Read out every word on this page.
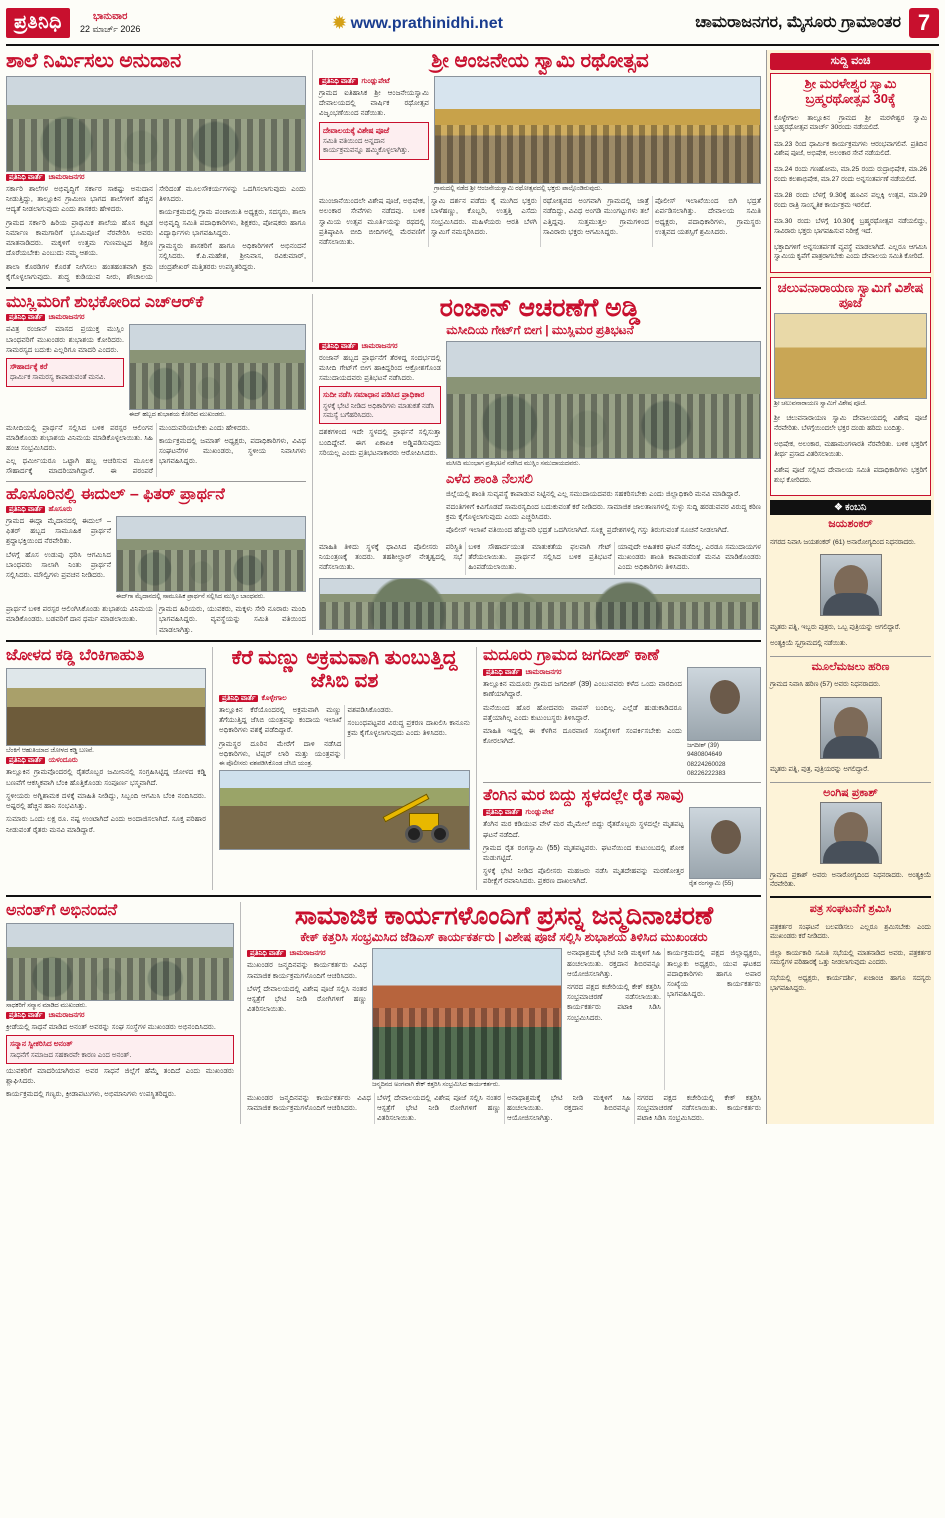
ಪ್ರತಿನಿಧಿ	ಭಾನುವಾರ
22 ಮಾರ್ಚ್ 2026	✹ www.prathinidhi.net	ಚಾಮರಾಜನಗರ, ಮೈಸೂರು ಗ್ರಾಮಾಂತರ 7
ಶಾಲೆ ನಿರ್ಮಿಸಲು ಅನುದಾನ
ಪ್ರತಿನಿಧಿ ವಾರ್ತೆ ಚಾಮರಾಜನಗರ

ಸರ್ಕಾರಿ ಶಾಲೆಗಳ ಅಭಿವೃದ್ಧಿಗೆ ಸರ್ಕಾರ ಸಾಕಷ್ಟು ಅನುದಾನ ನೀಡುತ್ತಿದ್ದು, ತಾಲ್ಲೂಕಿನ ಗ್ರಾಮೀಣ ಭಾಗದ ಶಾಲೆಗಳಿಗೆ ಹೆಚ್ಚಿನ ಆದ್ಯತೆ ನೀಡಲಾಗುವುದು ಎಂದು ಶಾಸಕರು ಹೇಳಿದರು.

ಗ್ರಾಮದ ಸರ್ಕಾರಿ ಹಿರಿಯ ಪ್ರಾಥಮಿಕ ಶಾಲೆಯ ಹೊಸ ಕಟ್ಟಡ ನಿರ್ಮಾಣ ಕಾಮಗಾರಿಗೆ ಭೂಮಿಪೂಜೆ ನೆರವೇರಿಸಿ ಅವರು ಮಾತನಾಡಿದರು. ಮಕ್ಕಳಿಗೆ ಉತ್ತಮ ಗುಣಮಟ್ಟದ ಶಿಕ್ಷಣ ದೊರೆಯಬೇಕು ಎಂಬುದು ನಮ್ಮ ಆಶಯ.

ಶಾಲಾ ಕೊಠಡಿಗಳ ಕೊರತೆ ನೀಗಿಸಲು ಹಂತಹಂತವಾಗಿ ಕ್ರಮ ಕೈಗೊಳ್ಳಲಾಗುವುದು. ಶುದ್ಧ ಕುಡಿಯುವ ನೀರು, ಶೌಚಾಲಯ ಸೇರಿದಂತೆ ಮೂಲಸೌಕರ್ಯಗಳನ್ನು ಒದಗಿಸಲಾಗುವುದು ಎಂದು ತಿಳಿಸಿದರು.

ಕಾರ್ಯಕ್ರಮದಲ್ಲಿ ಗ್ರಾಮ ಪಂಚಾಯಿತಿ ಅಧ್ಯಕ್ಷರು, ಸದಸ್ಯರು, ಶಾಲಾ ಅಭಿವೃದ್ಧಿ ಸಮಿತಿ ಪದಾಧಿಕಾರಿಗಳು, ಶಿಕ್ಷಕರು, ಪೋಷಕರು ಹಾಗೂ ವಿದ್ಯಾರ್ಥಿಗಳು ಭಾಗವಹಿಸಿದ್ದರು.

ಗ್ರಾಮಸ್ಥರು ಶಾಸಕರಿಗೆ ಹಾಗೂ ಅಧಿಕಾರಿಗಳಿಗೆ ಅಭಿನಂದನೆ ಸಲ್ಲಿಸಿದರು. ಕೆ.ಪಿ.ಮಹೇಶ, ಶ್ರೀನಿವಾಸ, ರವಿಕುಮಾರ್, ಚಂದ್ರಶೇಖರ್ ಮತ್ತಿತರರು ಉಪಸ್ಥಿತರಿದ್ದರು.

ಶ್ರೀ ಆಂಜನೇಯ ಸ್ವಾಮಿ ರಥೋತ್ಸವ
ಪ್ರತಿನಿಧಿ ವಾರ್ತೆ ಗುಂಡ್ಲುಪೇಟೆ

ಗ್ರಾಮದ ಐತಿಹಾಸಿಕ ಶ್ರೀ ಆಂಜನೇಯಸ್ವಾಮಿ ದೇವಾಲಯದಲ್ಲಿ ವಾರ್ಷಿಕ ರಥೋತ್ಸವ ವಿಜೃಂಭಣೆಯಿಂದ ನಡೆಯಿತು.

ದೇವಾಲಯಕ್ಕೆ ವಿಶೇಷ ಪೂಜೆ
ಸಮಿತಿ ವತಿಯಿಂದ ಅನ್ನದಾನ ಕಾರ್ಯಕ್ರಮವನ್ನೂ ಹಮ್ಮಿಕೊಳ್ಳಲಾಗಿತ್ತು.
ಗ್ರಾಮದಲ್ಲಿ ನಡೆದ ಶ್ರೀ ಆಂಜನೇಯಸ್ವಾಮಿ ರಥೋತ್ಸವದಲ್ಲಿ ಭಕ್ತರು ಪಾಲ್ಗೊಂಡಿರುವುದು.

ಮುಂಜಾನೆಯಿಂದಲೇ ವಿಶೇಷ ಪೂಜೆ, ಅಭಿಷೇಕ, ಅಲಂಕಾರ ಸೇವೆಗಳು ನಡೆದವು. ಬಳಿಕ ಸ್ವಾಮಿಯ ಉತ್ಸವ ಮೂರ್ತಿಯನ್ನು ರಥದಲ್ಲಿ ಪ್ರತಿಷ್ಠಾಪಿಸಿ ಬೀದಿ ಬೀದಿಗಳಲ್ಲಿ ಮೆರವಣಿಗೆ ನಡೆಸಲಾಯಿತು.

ಸ್ವಾಮಿ ದರ್ಶನ ಪಡೆದು ಕೈ ಮುಗಿದ ಭಕ್ತರು ಬಾಳೆಹಣ್ಣು, ಕೊಬ್ಬರಿ, ಉತ್ತತ್ತಿ ಎಸೆದು ಸಂಭ್ರಮಿಸಿದರು. ಮಹಿಳೆಯರು ಆರತಿ ಬೆಳಗಿ ಸ್ವಾಮಿಗೆ ನಮಸ್ಕರಿಸಿದರು.

ರಥೋತ್ಸವದ ಅಂಗವಾಗಿ ಗ್ರಾಮದಲ್ಲಿ ಜಾತ್ರೆ ನಡೆದಿದ್ದು, ವಿವಿಧ ಅಂಗಡಿ ಮುಂಗಟ್ಟುಗಳು ತಲೆ ಎತ್ತಿದ್ದವು. ಸುತ್ತಮುತ್ತಲ ಗ್ರಾಮಗಳಿಂದ ಸಾವಿರಾರು ಭಕ್ತರು ಆಗಮಿಸಿದ್ದರು.

ಪೊಲೀಸ್ ಇಲಾಖೆಯಿಂದ ಬಿಗಿ ಭದ್ರತೆ ಏರ್ಪಡಿಸಲಾಗಿತ್ತು. ದೇವಾಲಯ ಸಮಿತಿ ಅಧ್ಯಕ್ಷರು, ಪದಾಧಿಕಾರಿಗಳು, ಗ್ರಾಮಸ್ಥರು ಉತ್ಸವದ ಯಶಸ್ಸಿಗೆ ಶ್ರಮಿಸಿದರು.

ಮುಸ್ಲಿಮರಿಗೆ ಶುಭಕೋರಿದ ಎಚ್‌ಆರ್‌ಕೆ
ಪ್ರತಿನಿಧಿ ವಾರ್ತೆ ಚಾಮರಾಜನಗರ

ಪವಿತ್ರ ರಂಜಾನ್ ಮಾಸದ ಪ್ರಯುಕ್ತ ಮುಸ್ಲಿಂ ಬಾಂಧವರಿಗೆ ಮುಖಂಡರು ಶುಭಾಶಯ ಕೋರಿದರು. ಸಾಮರಸ್ಯದ ಬದುಕು ಎಲ್ಲರಿಗೂ ಮಾದರಿ ಎಂದರು.

ಸೌಹಾರ್ದಕ್ಕೆ ಕರೆ
ಧಾರ್ಮಿಕ ಸಾಮರಸ್ಯ ಕಾಪಾಡುವಂತೆ ಮನವಿ.
ಈದ್ ಹಬ್ಬದ ಶುಭಾಶಯ ಕೋರಿದ ಮುಖಂಡರು.

ಮಸೀದಿಯಲ್ಲಿ ಪ್ರಾರ್ಥನೆ ಸಲ್ಲಿಸಿದ ಬಳಿಕ ಪರಸ್ಪರ ಆಲಿಂಗನ ಮಾಡಿಕೊಂಡು ಶುಭಾಶಯ ವಿನಿಮಯ ಮಾಡಿಕೊಳ್ಳಲಾಯಿತು. ಸಿಹಿ ಹಂಚಿ ಸಂಭ್ರಮಿಸಿದರು.

ಎಲ್ಲ ಧರ್ಮೀಯರೂ ಒಟ್ಟಾಗಿ ಹಬ್ಬ ಆಚರಿಸುವ ಮೂಲಕ ಸೌಹಾರ್ದಕ್ಕೆ ಮಾದರಿಯಾಗಿದ್ದಾರೆ. ಈ ಪರಂಪರೆ ಮುಂದುವರಿಯಬೇಕು ಎಂದು ಹೇಳಿದರು.

ಕಾರ್ಯಕ್ರಮದಲ್ಲಿ ಜಮಾತ್ ಅಧ್ಯಕ್ಷರು, ಪದಾಧಿಕಾರಿಗಳು, ವಿವಿಧ ಸಂಘಟನೆಗಳ ಮುಖಂಡರು, ಸ್ಥಳೀಯ ನಿವಾಸಿಗಳು ಭಾಗವಹಿಸಿದ್ದರು.

ಹೊಸೂರಿನಲ್ಲಿ ಈದುಲ್ – ಫಿತರ್ ಪ್ರಾರ್ಥನೆ
ಪ್ರತಿನಿಧಿ ವಾರ್ತೆ ಹೊಸೂರು

ಗ್ರಾಮದ ಈದ್ಗಾ ಮೈದಾನದಲ್ಲಿ ಈದುಲ್ – ಫಿತರ್ ಹಬ್ಬದ ಸಾಮೂಹಿಕ ಪ್ರಾರ್ಥನೆ ಶ್ರದ್ಧಾಭಕ್ತಿಯಿಂದ ನೆರವೇರಿತು.

ಬೆಳಗ್ಗೆ ಹೊಸ ಉಡುಪು ಧರಿಸಿ ಆಗಮಿಸಿದ ಬಾಂಧವರು ಸಾಲಾಗಿ ನಿಂತು ಪ್ರಾರ್ಥನೆ ಸಲ್ಲಿಸಿದರು. ಮೌಲ್ವಿಗಳು ಪ್ರವಚನ ನೀಡಿದರು.

ಈದ್‌ಗಾ ಮೈದಾನದಲ್ಲಿ ಸಾಮೂಹಿಕ ಪ್ರಾರ್ಥನೆ ಸಲ್ಲಿಸಿದ ಮುಸ್ಲಿಂ ಬಾಂಧವರು.

ಪ್ರಾರ್ಥನೆ ಬಳಿಕ ಪರಸ್ಪರ ಆಲಿಂಗಿಸಿಕೊಂಡು ಶುಭಾಶಯ ವಿನಿಮಯ ಮಾಡಿಕೊಂಡರು. ಬಡವರಿಗೆ ದಾನ ಧರ್ಮ ಮಾಡಲಾಯಿತು.

ಗ್ರಾಮದ ಹಿರಿಯರು, ಯುವಕರು, ಮಕ್ಕಳು ಸೇರಿ ನೂರಾರು ಮಂದಿ ಭಾಗವಹಿಸಿದ್ದರು. ವ್ಯವಸ್ಥೆಯನ್ನು ಸಮಿತಿ ವತಿಯಿಂದ ಮಾಡಲಾಗಿತ್ತು.

ರಂಜಾನ್ ಆಚರಣೆಗೆ ಅಡ್ಡಿ
ಮಸೀದಿಯ ಗೇಟ್‌ಗೆ ಬೀಗ | ಮುಸ್ಲಿಮರ ಪ್ರತಿಭಟನೆ
ಪ್ರತಿನಿಧಿ ವಾರ್ತೆ ಚಾಮರಾಜನಗರ

ರಂಜಾನ್ ಹಬ್ಬದ ಪ್ರಾರ್ಥನೆಗೆ ತೆರಳಿದ್ದ ಸಂದರ್ಭದಲ್ಲಿ ಮಸೀದಿ ಗೇಟ್‌ಗೆ ಬೀಗ ಹಾಕಿದ್ದರಿಂದ ಆಕ್ರೋಶಗೊಂಡ ಸಮುದಾಯದವರು ಪ್ರತಿಭಟನೆ ನಡೆಸಿದರು.

ಸುದೀ ನಡೆಸಿ ಸಮಾಧಾನ ಪಡಿಸಿದ ಪ್ರಾಧಿಕಾರ
ಸ್ಥಳಕ್ಕೆ ಭೇಟಿ ನೀಡಿದ ಅಧಿಕಾರಿಗಳು ಮಾತುಕತೆ ನಡೆಸಿ ಸಮಸ್ಯೆ ಬಗೆಹರಿಸಿದರು.

ದಶಕಗಳಿಂದ ಇದೇ ಸ್ಥಳದಲ್ಲಿ ಪ್ರಾರ್ಥನೆ ಸಲ್ಲಿಸುತ್ತಾ ಬಂದಿದ್ದೇವೆ. ಈಗ ಏಕಾಏಕಿ ಅಡ್ಡಿಪಡಿಸುವುದು ಸರಿಯಲ್ಲ ಎಂದು ಪ್ರತಿಭಟನಾಕಾರರು ಆರೋಪಿಸಿದರು.

ಮಸೀದಿ ಮುಂಭಾಗ ಪ್ರತಿಭಟನೆ ನಡೆಸಿದ ಮುಸ್ಲಿಂ ಸಮುದಾಯದವರು.
ಎಳೆದ ಶಾಂತಿ ನೆಲಸಲಿ

ಜಿಲ್ಲೆಯಲ್ಲಿ ಶಾಂತಿ ಸುವ್ಯವಸ್ಥೆ ಕಾಪಾಡುವ ನಿಟ್ಟಿನಲ್ಲಿ ಎಲ್ಲ ಸಮುದಾಯದವರು ಸಹಕರಿಸಬೇಕು ಎಂದು ಜಿಲ್ಲಾಧಿಕಾರಿ ಮನವಿ ಮಾಡಿದ್ದಾರೆ.

ವದಂತಿಗಳಿಗೆ ಕಿವಿಗೊಡದೆ ಸಾಮರಸ್ಯದಿಂದ ಬದುಕುವಂತೆ ಕರೆ ನೀಡಿದರು. ಸಾಮಾಜಿಕ ಜಾಲತಾಣಗಳಲ್ಲಿ ಸುಳ್ಳು ಸುದ್ದಿ ಹರಡುವವರ ವಿರುದ್ಧ ಕಠಿಣ ಕ್ರಮ ಕೈಗೊಳ್ಳಲಾಗುವುದು ಎಂದು ಎಚ್ಚರಿಸಿದರು.

ಪೊಲೀಸ್ ಇಲಾಖೆ ವತಿಯಿಂದ ಹೆಚ್ಚುವರಿ ಭದ್ರತೆ ಒದಗಿಸಲಾಗಿದೆ. ಸೂಕ್ಷ್ಮ ಪ್ರದೇಶಗಳಲ್ಲಿ ಗಸ್ತು ತಿರುಗುವಂತೆ ಸೂಚನೆ ನೀಡಲಾಗಿದೆ.

ಮಾಹಿತಿ ತಿಳಿದು ಸ್ಥಳಕ್ಕೆ ಧಾವಿಸಿದ ಪೊಲೀಸರು ಪರಿಸ್ಥಿತಿ ನಿಯಂತ್ರಣಕ್ಕೆ ತಂದರು. ತಹಶೀಲ್ದಾರ್ ನೇತೃತ್ವದಲ್ಲಿ ಸಭೆ ನಡೆಸಲಾಯಿತು.

ಬಳಿಕ ಸೌಹಾರ್ದಯುತ ಮಾತುಕತೆಯ ಫಲವಾಗಿ ಗೇಟ್ ತೆರೆಯಲಾಯಿತು. ಪ್ರಾರ್ಥನೆ ಸಲ್ಲಿಸಿದ ಬಳಿಕ ಪ್ರತಿಭಟನೆ ಹಿಂಪಡೆಯಲಾಯಿತು.

ಯಾವುದೇ ಅಹಿತಕರ ಘಟನೆ ನಡೆದಿಲ್ಲ. ಎರಡೂ ಸಮುದಾಯಗಳ ಮುಖಂಡರು ಶಾಂತಿ ಕಾಪಾಡುವಂತೆ ಮನವಿ ಮಾಡಿಕೊಂಡರು ಎಂದು ಅಧಿಕಾರಿಗಳು ತಿಳಿಸಿದರು.

ಜೋಳದ ಕಡ್ಡಿ ಬೆಂಕಿಗಾಹುತಿ
ಬೆಂಕಿಗೆ ಆಹುತಿಯಾದ ಜೋಳದ ಕಡ್ಡಿ ಬಣವೆ.
ಪ್ರತಿನಿಧಿ ವಾರ್ತೆ ಯಳಂದೂರು

ತಾಲ್ಲೂಕಿನ ಗ್ರಾಮವೊಂದರಲ್ಲಿ ರೈತರೊಬ್ಬರ ಜಮೀನಿನಲ್ಲಿ ಸಂಗ್ರಹಿಸಿಟ್ಟಿದ್ದ ಜೋಳದ ಕಡ್ಡಿ ಬಣವೆಗೆ ಆಕಸ್ಮಿಕವಾಗಿ ಬೆಂಕಿ ಹೊತ್ತಿಕೊಂಡು ಸಂಪೂರ್ಣ ಭಸ್ಮವಾಗಿದೆ.

ಸ್ಥಳೀಯರು ಅಗ್ನಿಶಾಮಕ ದಳಕ್ಕೆ ಮಾಹಿತಿ ನೀಡಿದ್ದು, ಸಿಬ್ಬಂದಿ ಆಗಮಿಸಿ ಬೆಂಕಿ ನಂದಿಸಿದರು. ಅಷ್ಟರಲ್ಲಿ ಹೆಚ್ಚಿನ ಹಾನಿ ಸಂಭವಿಸಿತ್ತು.

ಸುಮಾರು ಒಂದು ಲಕ್ಷ ರೂ. ನಷ್ಟ ಉಂಟಾಗಿದೆ ಎಂದು ಅಂದಾಜಿಸಲಾಗಿದೆ. ಸೂಕ್ತ ಪರಿಹಾರ ನೀಡುವಂತೆ ರೈತರು ಮನವಿ ಮಾಡಿದ್ದಾರೆ.

ಕೆರೆ ಮಣ್ಣು ಅಕ್ರಮವಾಗಿ ತುಂಬುತ್ತಿದ್ದ ಜೆಸಿಬಿ ವಶ
ಪ್ರತಿನಿಧಿ ವಾರ್ತೆ ಕೊಳ್ಳೇಗಾಲ

ತಾಲ್ಲೂಕಿನ ಕೆರೆಯೊಂದರಲ್ಲಿ ಅಕ್ರಮವಾಗಿ ಮಣ್ಣು ತೆಗೆಯುತ್ತಿದ್ದ ಜೆಸಿಬಿ ಯಂತ್ರವನ್ನು ಕಂದಾಯ ಇಲಾಖೆ ಅಧಿಕಾರಿಗಳು ವಶಕ್ಕೆ ಪಡೆದಿದ್ದಾರೆ.

ಗ್ರಾಮಸ್ಥರ ದೂರಿನ ಮೇರೆಗೆ ದಾಳಿ ನಡೆಸಿದ ಅಧಿಕಾರಿಗಳು, ಟಿಪ್ಪರ್ ಲಾರಿ ಮತ್ತು ಯಂತ್ರವನ್ನು ವಶಪಡಿಸಿಕೊಂಡರು.

ಸಂಬಂಧಪಟ್ಟವರ ವಿರುದ್ಧ ಪ್ರಕರಣ ದಾಖಲಿಸಿ ಕಾನೂನು ಕ್ರಮ ಕೈಗೊಳ್ಳಲಾಗುವುದು ಎಂದು ತಿಳಿಸಿದರು.

ಈ ಪೊಲೀಸರು ವಶಪಡಿಸಿಕೊಂಡ ಜೆಸಿಬಿ ಯಂತ್ರ.
ಮದೂರು ಗ್ರಾಮದ ಜಗದೀಶ್ ಕಾಣೆ
ಪ್ರತಿನಿಧಿ ವಾರ್ತೆ ಚಾಮರಾಜನಗರ

ತಾಲ್ಲೂಕಿನ ಮದೂರು ಗ್ರಾಮದ ಜಗದೀಶ್ (39) ಎಂಬುವವರು ಕಳೆದ ಒಂದು ವಾರದಿಂದ ಕಾಣೆಯಾಗಿದ್ದಾರೆ.

ಮನೆಯಿಂದ ಹೊರ ಹೋದವರು ವಾಪಸ್ ಬಂದಿಲ್ಲ. ಎಲ್ಲೆಡೆ ಹುಡುಕಾಡಿದರೂ ಪತ್ತೆಯಾಗಿಲ್ಲ ಎಂದು ಕುಟುಂಬಸ್ಥರು ತಿಳಿಸಿದ್ದಾರೆ.

ಮಾಹಿತಿ ಇದ್ದಲ್ಲಿ ಈ ಕೆಳಗಿನ ದೂರವಾಣಿ ಸಂಖ್ಯೆಗಳಿಗೆ ಸಂಪರ್ಕಿಸಬೇಕು ಎಂದು ಕೋರಲಾಗಿದೆ.

ಜಗದೀಶ್ (39)
9480804649
08224260028
08226222383
ತೆಂಗಿನ ಮರ ಬಿದ್ದು ಸ್ಥಳದಲ್ಲೇ ರೈತ ಸಾವು
ಪ್ರತಿನಿಧಿ ವಾರ್ತೆ ಗುಂಡ್ಲುಪೇಟೆ

ತೆಂಗಿನ ಮರ ಕಡಿಯುವ ವೇಳೆ ಮರ ಮೈಮೇಲೆ ಬಿದ್ದು ರೈತರೊಬ್ಬರು ಸ್ಥಳದಲ್ಲೇ ಮೃತಪಟ್ಟ ಘಟನೆ ನಡೆದಿದೆ.

ಗ್ರಾಮದ ರೈತ ರಂಗಸ್ವಾಮಿ (55) ಮೃತಪಟ್ಟವರು. ಘಟನೆಯಿಂದ ಕುಟುಂಬದಲ್ಲಿ ಶೋಕ ಮಡುಗಟ್ಟಿದೆ.

ಸ್ಥಳಕ್ಕೆ ಭೇಟಿ ನೀಡಿದ ಪೊಲೀಸರು ಮಹಜರು ನಡೆಸಿ ಮೃತದೇಹವನ್ನು ಮರಣೋತ್ತರ ಪರೀಕ್ಷೆಗೆ ರವಾನಿಸಿದರು. ಪ್ರಕರಣ ದಾಖಲಾಗಿದೆ.	ರೈತ ರಂಗಸ್ವಾಮಿ (55)
ಅನಂತ್‌ಗೆ ಅಭಿನಂದನೆ
ಸಾಧಕರಿಗೆ ಸನ್ಮಾನ ಮಾಡಿದ ಮುಖಂಡರು.
ಪ್ರತಿನಿಧಿ ವಾರ್ತೆ ಚಾಮರಾಜನಗರ

ಕ್ರೀಡೆಯಲ್ಲಿ ಸಾಧನೆ ಮಾಡಿದ ಅನಂತ್ ಅವರನ್ನು ಸಂಘ ಸಂಸ್ಥೆಗಳ ಮುಖಂಡರು ಅಭಿನಂದಿಸಿದರು.

ಸನ್ಮಾನ ಸ್ವೀಕರಿಸಿದ ಅನಂತ್
ಸಾಧನೆಗೆ ಸಮಾಜದ ಸಹಕಾರವೇ ಕಾರಣ ಎಂದ ಅನಂತ್.

ಯುವಕರಿಗೆ ಮಾದರಿಯಾಗಿರುವ ಅವರ ಸಾಧನೆ ಜಿಲ್ಲೆಗೆ ಹೆಮ್ಮೆ ತಂದಿದೆ ಎಂದು ಮುಖಂಡರು ಶ್ಲಾಘಿಸಿದರು.

ಕಾರ್ಯಕ್ರಮದಲ್ಲಿ ಗಣ್ಯರು, ಕ್ರೀಡಾಪಟುಗಳು, ಅಭಿಮಾನಿಗಳು ಉಪಸ್ಥಿತರಿದ್ದರು.

ಸಾಮಾಜಿಕ ಕಾರ್ಯಗಳೊಂದಿಗೆ ಪ್ರಸನ್ನ ಜನ್ಮದಿನಾಚರಣೆ
ಕೇಕ್ ಕತ್ತರಿಸಿ ಸಂಭ್ರಮಿಸಿದ ಜೆಡಿಎಸ್ ಕಾರ್ಯಕರ್ತರು | ವಿಶೇಷ ಪೂಜೆ ಸಲ್ಲಿಸಿ ಶುಭಾಶಯ ತಿಳಿಸಿದ ಮುಖಂಡರು
ಪ್ರತಿನಿಧಿ ವಾರ್ತೆ ಚಾಮರಾಜನಗರ

ಮುಖಂಡರ ಜನ್ಮದಿನವನ್ನು ಕಾರ್ಯಕರ್ತರು ವಿವಿಧ ಸಾಮಾಜಿಕ ಕಾರ್ಯಕ್ರಮಗಳೊಂದಿಗೆ ಆಚರಿಸಿದರು.

ಬೆಳಗ್ಗೆ ದೇವಾಲಯದಲ್ಲಿ ವಿಶೇಷ ಪೂಜೆ ಸಲ್ಲಿಸಿ ನಂತರ ಆಸ್ಪತ್ರೆಗೆ ಭೇಟಿ ನೀಡಿ ರೋಗಿಗಳಿಗೆ ಹಣ್ಣು ವಿತರಿಸಲಾಯಿತು.

ಜನ್ಮದಿನದ ಅಂಗವಾಗಿ ಕೇಕ್ ಕತ್ತರಿಸಿ ಸಂಭ್ರಮಿಸಿದ ಕಾರ್ಯಕರ್ತರು.

ಅನಾಥಾಶ್ರಮಕ್ಕೆ ಭೇಟಿ ನೀಡಿ ಮಕ್ಕಳಿಗೆ ಸಿಹಿ ಹಂಚಲಾಯಿತು. ರಕ್ತದಾನ ಶಿಬಿರವನ್ನೂ ಆಯೋಜಿಸಲಾಗಿತ್ತು.

ನಗರದ ಪಕ್ಷದ ಕಚೇರಿಯಲ್ಲಿ ಕೇಕ್ ಕತ್ತರಿಸಿ ಸಂಭ್ರಮಾಚರಣೆ ನಡೆಸಲಾಯಿತು. ಕಾರ್ಯಕರ್ತರು ಪಟಾಕಿ ಸಿಡಿಸಿ ಸಂಭ್ರಮಿಸಿದರು.

ಕಾರ್ಯಕ್ರಮದಲ್ಲಿ ಪಕ್ಷದ ಜಿಲ್ಲಾಧ್ಯಕ್ಷರು, ತಾಲ್ಲೂಕು ಅಧ್ಯಕ್ಷರು, ಯುವ ಘಟಕದ ಪದಾಧಿಕಾರಿಗಳು ಹಾಗೂ ಅಪಾರ ಸಂಖ್ಯೆಯ ಕಾರ್ಯಕರ್ತರು ಭಾಗವಹಿಸಿದ್ದರು.

ಮುಖಂಡರ ಜನ್ಮದಿನವನ್ನು ಕಾರ್ಯಕರ್ತರು ವಿವಿಧ ಸಾಮಾಜಿಕ ಕಾರ್ಯಕ್ರಮಗಳೊಂದಿಗೆ ಆಚರಿಸಿದರು.

ಬೆಳಗ್ಗೆ ದೇವಾಲಯದಲ್ಲಿ ವಿಶೇಷ ಪೂಜೆ ಸಲ್ಲಿಸಿ ನಂತರ ಆಸ್ಪತ್ರೆಗೆ ಭೇಟಿ ನೀಡಿ ರೋಗಿಗಳಿಗೆ ಹಣ್ಣು ವಿತರಿಸಲಾಯಿತು.

ಅನಾಥಾಶ್ರಮಕ್ಕೆ ಭೇಟಿ ನೀಡಿ ಮಕ್ಕಳಿಗೆ ಸಿಹಿ ಹಂಚಲಾಯಿತು. ರಕ್ತದಾನ ಶಿಬಿರವನ್ನೂ ಆಯೋಜಿಸಲಾಗಿತ್ತು.

ನಗರದ ಪಕ್ಷದ ಕಚೇರಿಯಲ್ಲಿ ಕೇಕ್ ಕತ್ತರಿಸಿ ಸಂಭ್ರಮಾಚರಣೆ ನಡೆಸಲಾಯಿತು. ಕಾರ್ಯಕರ್ತರು ಪಟಾಕಿ ಸಿಡಿಸಿ ಸಂಭ್ರಮಿಸಿದರು.

ಸುದ್ದಿ ವಂಚಿ
ಶ್ರೀ ಮರಳೇಶ್ವರ ಸ್ವಾಮಿ ಬ್ರಹ್ಮರಥೋತ್ಸವ 30ಕ್ಕೆ

ಕೊಳ್ಳೇಗಾಲ ತಾಲ್ಲೂಕಿನ ಗ್ರಾಮದ ಶ್ರೀ ಮರಳೇಶ್ವರ ಸ್ವಾಮಿ ಬ್ರಹ್ಮರಥೋತ್ಸವ ಮಾರ್ಚ್ 30ರಂದು ನಡೆಯಲಿದೆ.

ಮಾ.23 ರಿಂದ ಧಾರ್ಮಿಕ ಕಾರ್ಯಕ್ರಮಗಳು ಆರಂಭವಾಗಲಿವೆ. ಪ್ರತಿದಿನ ವಿಶೇಷ ಪೂಜೆ, ಅಭಿಷೇಕ, ಅಲಂಕಾರ ಸೇವೆ ನಡೆಯಲಿದೆ.

ಮಾ.24 ರಂದು ಗಣಹೋಮ, ಮಾ.25 ರಂದು ರುದ್ರಾಭಿಷೇಕ, ಮಾ.26 ರಂದು ಕಲಶಾಭಿಷೇಕ, ಮಾ.27 ರಂದು ಅನ್ನಸಂತರ್ಪಣೆ ನಡೆಯಲಿದೆ.

ಮಾ.28 ರಂದು ಬೆಳಗ್ಗೆ 9.30ಕ್ಕೆ ಹೂವಿನ ಪಲ್ಲಕ್ಕಿ ಉತ್ಸವ, ಮಾ.29 ರಂದು ರಾತ್ರಿ ಸಾಂಸ್ಕೃತಿಕ ಕಾರ್ಯಕ್ರಮ ಇರಲಿದೆ.

ಮಾ.30 ರಂದು ಬೆಳಗ್ಗೆ 10.30ಕ್ಕೆ ಬ್ರಹ್ಮರಥೋತ್ಸವ ನಡೆಯಲಿದ್ದು, ಸಾವಿರಾರು ಭಕ್ತರು ಭಾಗವಹಿಸುವ ನಿರೀಕ್ಷೆ ಇದೆ.

ಭಕ್ತಾದಿಗಳಿಗೆ ಅನ್ನಸಂತರ್ಪಣೆ ವ್ಯವಸ್ಥೆ ಮಾಡಲಾಗಿದೆ. ಎಲ್ಲರೂ ಆಗಮಿಸಿ ಸ್ವಾಮಿಯ ಕೃಪೆಗೆ ಪಾತ್ರರಾಗಬೇಕು ಎಂದು ದೇವಾಲಯ ಸಮಿತಿ ಕೋರಿದೆ.

ಚಲುವನಾರಾಯಣ ಸ್ವಾಮಿಗೆ ವಿಶೇಷ ಪೂಜೆ
ಶ್ರೀ ಚಲುವನಾರಾಯಣ ಸ್ವಾಮಿಗೆ ವಿಶೇಷ ಪೂಜೆ.

ಶ್ರೀ ಚಲುವನಾರಾಯಣ ಸ್ವಾಮಿ ದೇವಾಲಯದಲ್ಲಿ ವಿಶೇಷ ಪೂಜೆ ನೆರವೇರಿತು. ಬೆಳಗ್ಗೆಯಿಂದಲೇ ಭಕ್ತರ ದಂಡು ಹರಿದು ಬಂದಿತ್ತು.

ಅಭಿಷೇಕ, ಅಲಂಕಾರ, ಮಹಾಮಂಗಳಾರತಿ ನೆರವೇರಿತು. ಬಳಿಕ ಭಕ್ತರಿಗೆ ತೀರ್ಥ ಪ್ರಸಾದ ವಿತರಿಸಲಾಯಿತು.

ವಿಶೇಷ ಪೂಜೆ ಸಲ್ಲಿಸಿದ ದೇವಾಲಯ ಸಮಿತಿ ಪದಾಧಿಕಾರಿಗಳು ಭಕ್ತರಿಗೆ ಶುಭ ಕೋರಿದರು.

❖ ಕಂಬನಿ
ಜಯಶಂಕರ್

ನಗರದ ನಿವಾಸಿ ಜಯಶಂಕರ್ (61) ಅನಾರೋಗ್ಯದಿಂದ ನಿಧನರಾದರು.

ಮೃತರು ಪತ್ನಿ, ಇಬ್ಬರು ಪುತ್ರರು, ಒಬ್ಬ ಪುತ್ರಿಯನ್ನು ಅಗಲಿದ್ದಾರೆ.

ಅಂತ್ಯಕ್ರಿಯೆ ಸ್ವಗ್ರಾಮದಲ್ಲಿ ನಡೆಯಿತು.

ಮೂಲೆಮಜಲು ಹರಿಣ

ಗ್ರಾಮದ ನಿವಾಸಿ ಹರಿಣ (57) ಅವರು ನಿಧನರಾದರು.

ಮೃತರು ಪತ್ನಿ, ಪುತ್ರ, ಪುತ್ರಿಯರನ್ನು ಅಗಲಿದ್ದಾರೆ.

ಅಂಗಿಷ ಪ್ರಕಾಶ್

ಗ್ರಾಮದ ಪ್ರಕಾಶ್ ಅವರು ಅನಾರೋಗ್ಯದಿಂದ ನಿಧನರಾದರು. ಅಂತ್ಯಕ್ರಿಯೆ ನೆರವೇರಿತು.

ಪತ್ರ ಸಂಘಟನೆಗೆ ಶ್ರಮಿಸಿ

ಪತ್ರಕರ್ತರ ಸಂಘಟನೆ ಬಲಪಡಿಸಲು ಎಲ್ಲರೂ ಶ್ರಮಿಸಬೇಕು ಎಂದು ಮುಖಂಡರು ಕರೆ ನೀಡಿದರು.

ಜಿಲ್ಲಾ ಕಾರ್ಯಕಾರಿ ಸಮಿತಿ ಸಭೆಯಲ್ಲಿ ಮಾತನಾಡಿದ ಅವರು, ಪತ್ರಕರ್ತರ ಸಮಸ್ಯೆಗಳ ಪರಿಹಾರಕ್ಕೆ ಒತ್ತು ನೀಡಲಾಗುವುದು ಎಂದರು.

ಸಭೆಯಲ್ಲಿ ಅಧ್ಯಕ್ಷರು, ಕಾರ್ಯದರ್ಶಿ, ಖಜಾಂಚಿ ಹಾಗೂ ಸದಸ್ಯರು ಭಾಗವಹಿಸಿದ್ದರು.
